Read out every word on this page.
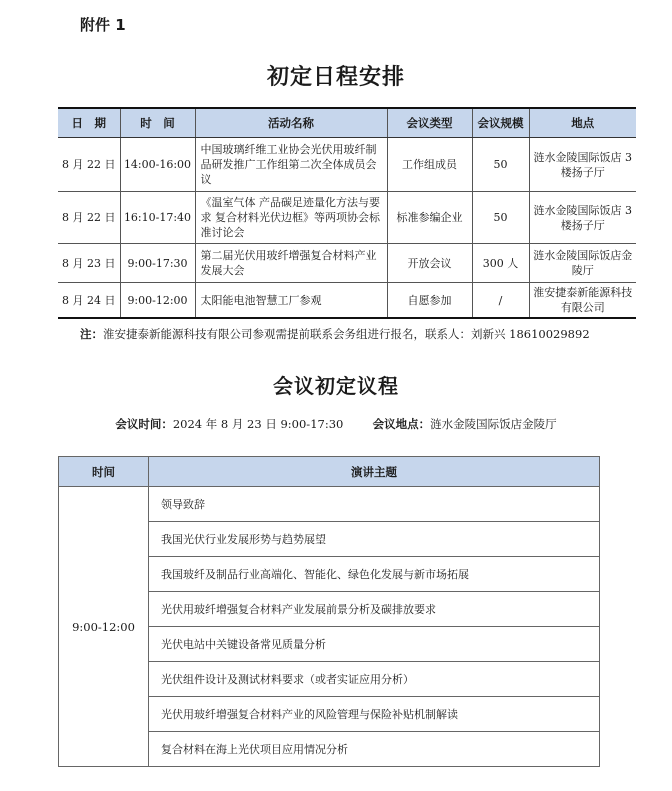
附件 1
初定日程安排
日　期	时　间	活动名称	会议类型	会议规模	地点
8 月 22 日	14:00-16:00	中国玻璃纤维工业协会光伏用玻纤制品研发推广工作组第二次全体成员会议	工作组成员	50	涟水金陵国际饭店 3 楼扬子厅
8 月 22 日	16:10-17:40	《温室气体 产品碳足迹量化方法与要求 复合材料光伏边框》等两项协会标准讨论会	标准参编企业	50	涟水金陵国际饭店 3 楼扬子厅
8 月 23 日	9:00-17:30	第二届光伏用玻纤增强复合材料产业发展大会	开放会议	300 人	涟水金陵国际饭店金陵厅
8 月 24 日	9:00-12:00	太阳能电池智慧工厂参观	自愿参加	/	淮安捷泰新能源科技有限公司
注：淮安捷泰新能源科技有限公司参观需提前联系会务组进行报名，联系人：刘新兴 18610029892
会议初定议程
会议时间：2024 年 8 月 23 日 9:00-17:30	会议地点：涟水金陵国际饭店金陵厅
时间	演讲主题
9:00-12:00	领导致辞
	我国光伏行业发展形势与趋势展望
	我国玻纤及制品行业高端化、智能化、绿色化发展与新市场拓展
	光伏用玻纤增强复合材料产业发展前景分析及碳排放要求
	光伏电站中关键设备常见质量分析
	光伏组件设计及测试材料要求（或者实证应用分析）
	光伏用玻纤增强复合材料产业的风险管理与保险补贴机制解读
	复合材料在海上光伏项目应用情况分析
